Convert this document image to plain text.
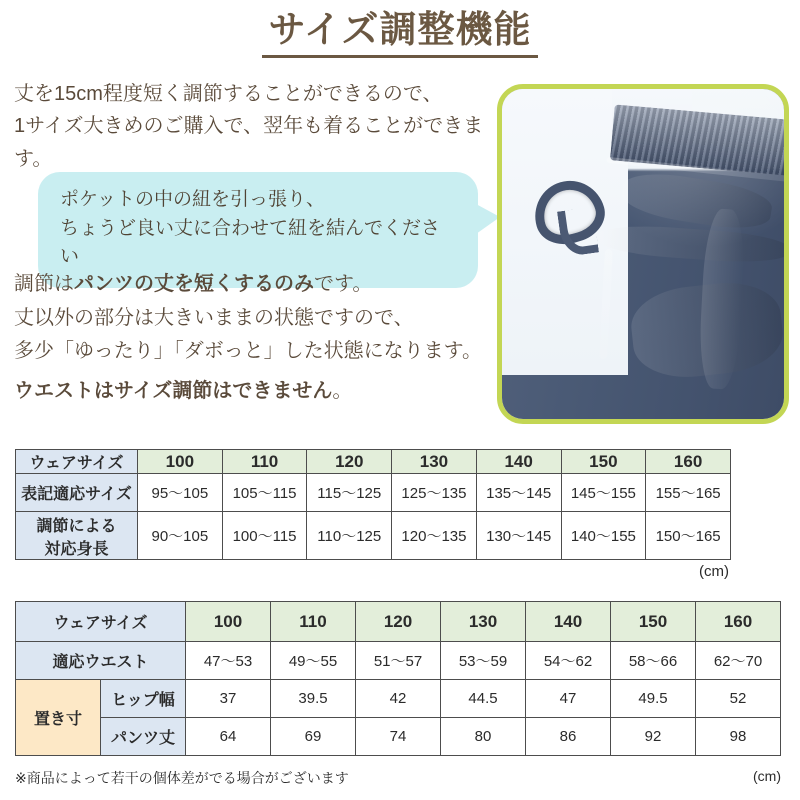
サイズ調整機能
丈を15cm程度短く調節することができるので、
1サイズ大きめのご購入で、翌年も着ることができます。
ポケットの中の紐を引っ張り、
ちょうど良い丈に合わせて紐を結んでください
調節はパンツの丈を短くするのみです。
丈以外の部分は大きいままの状態ですので、
多少「ゆったり」「ダボっと」した状態になります。
ウエストはサイズ調節はできません。
ウェアサイズ	100	110	120	130	140	150	160
表記適応サイズ	95〜105	105〜115	115〜125	125〜135	135〜145	145〜155	155〜165

調節による
対応身長	90〜105	100〜115	110〜125	120〜135	130〜145	140〜155	150〜165
(cm)
ウェアサイズ		100	110	120	130	140	150	160
適応ウエスト		47〜53	49〜55	51〜57	53〜59	54〜62	58〜66	62〜70
置き寸	ヒップ幅	37	39.5	42	44.5	47	49.5	52
	パンツ丈	64	69	74	80	86	92	98
※商品によって若干の個体差がでる場合がございます	(cm)
